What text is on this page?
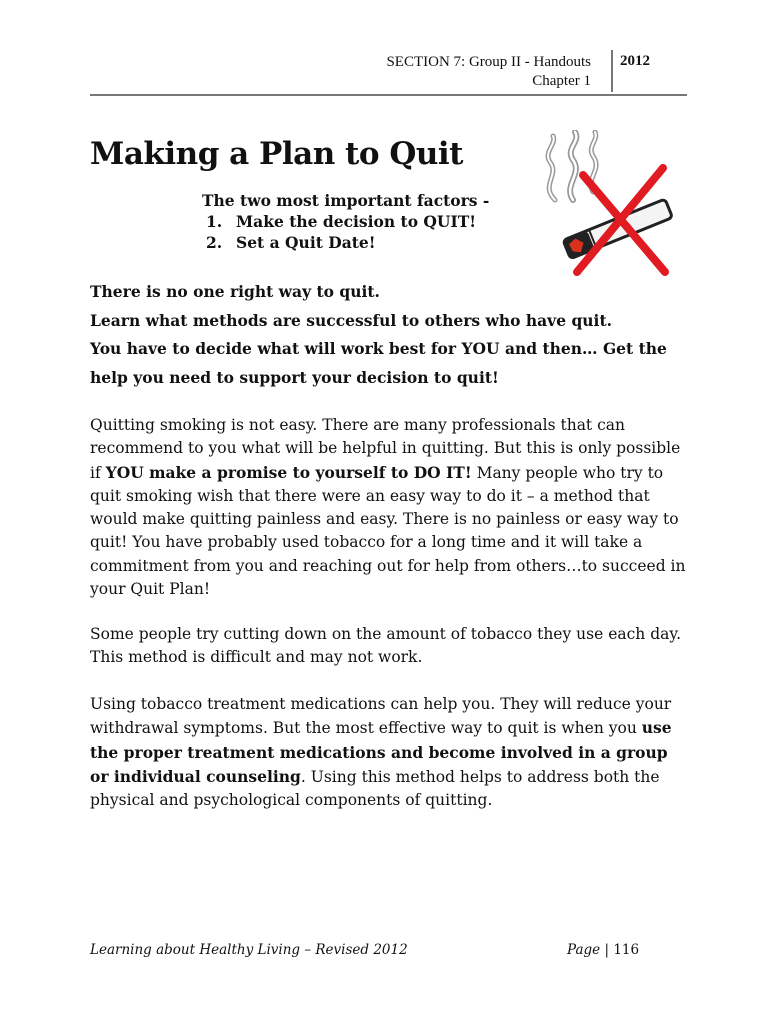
SECTION 7: Group II - Handouts
Chapter 1
2012
Making a Plan to Quit
The two most important factors -
1. Make the decision to QUIT!
2. Set a Quit Date!
There is no one right way to quit.
Learn what methods are successful to others who have quit.
You have to decide what will work best for YOU and then… Get the help you need to support your decision to quit!
Quitting smoking is not easy. There are many professionals that can recommend to you what will be helpful in quitting. But this is only possible if YOU make a promise to yourself to DO IT! Many people who try to quit smoking wish that there were an easy way to do it – a method that would make quitting painless and easy. There is no painless or easy way to quit! You have probably used tobacco for a long time and it will take a commitment from you and reaching out for help from others…to succeed in your Quit Plan!
Some people try cutting down on the amount of tobacco they use each day. This method is difficult and may not work.
Using tobacco treatment medications can help you. They will reduce your withdrawal symptoms. But the most effective way to quit is when you use the proper treatment medications and become involved in a group or individual counseling. Using this method helps to address both the physical and psychological components of quitting.
Learning about Healthy Living – Revised 2012	Page | 116
